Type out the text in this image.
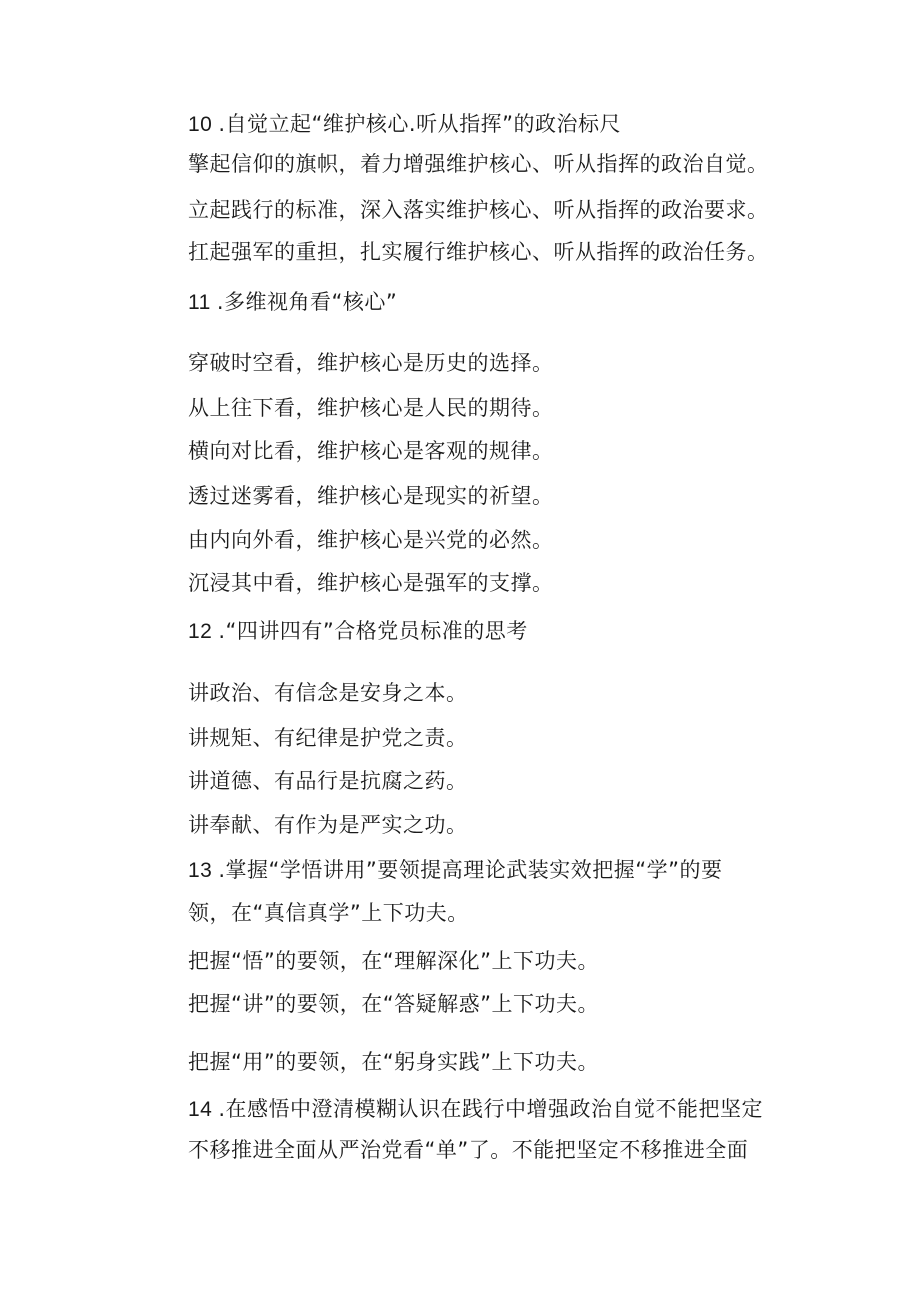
10 .自觉立起“维护核心.听从指挥”的政治标尺
擎起信仰的旗帜，着力增强维护核心、听从指挥的政治自觉。
立起践行的标准，深入落实维护核心、听从指挥的政治要求。
扛起强军的重担，扎实履行维护核心、听从指挥的政治任务。
11 .多维视角看“核心”
穿破时空看，维护核心是历史的选择。
从上往下看，维护核心是人民的期待。
横向对比看，维护核心是客观的规律。
透过迷雾看，维护核心是现实的祈望。
由内向外看，维护核心是兴党的必然。
沉浸其中看，维护核心是强军的支撑。
12 .“四讲四有”合格党员标准的思考
讲政治、有信念是安身之本。
讲规矩、有纪律是护党之责。
讲道德、有品行是抗腐之药。
讲奉献、有作为是严实之功。
13 .掌握“学悟讲用”要领提高理论武装实效把握“学”的要
领，在“真信真学”上下功夫。
把握“悟”的要领，在“理解深化”上下功夫。
把握“讲”的要领，在“答疑解惑”上下功夫。
把握“用”的要领，在“躬身实践”上下功夫。
14 .在感悟中澄清模糊认识在践行中增强政治自觉不能把坚定
不移推进全面从严治党看“单”了。不能把坚定不移推进全面
